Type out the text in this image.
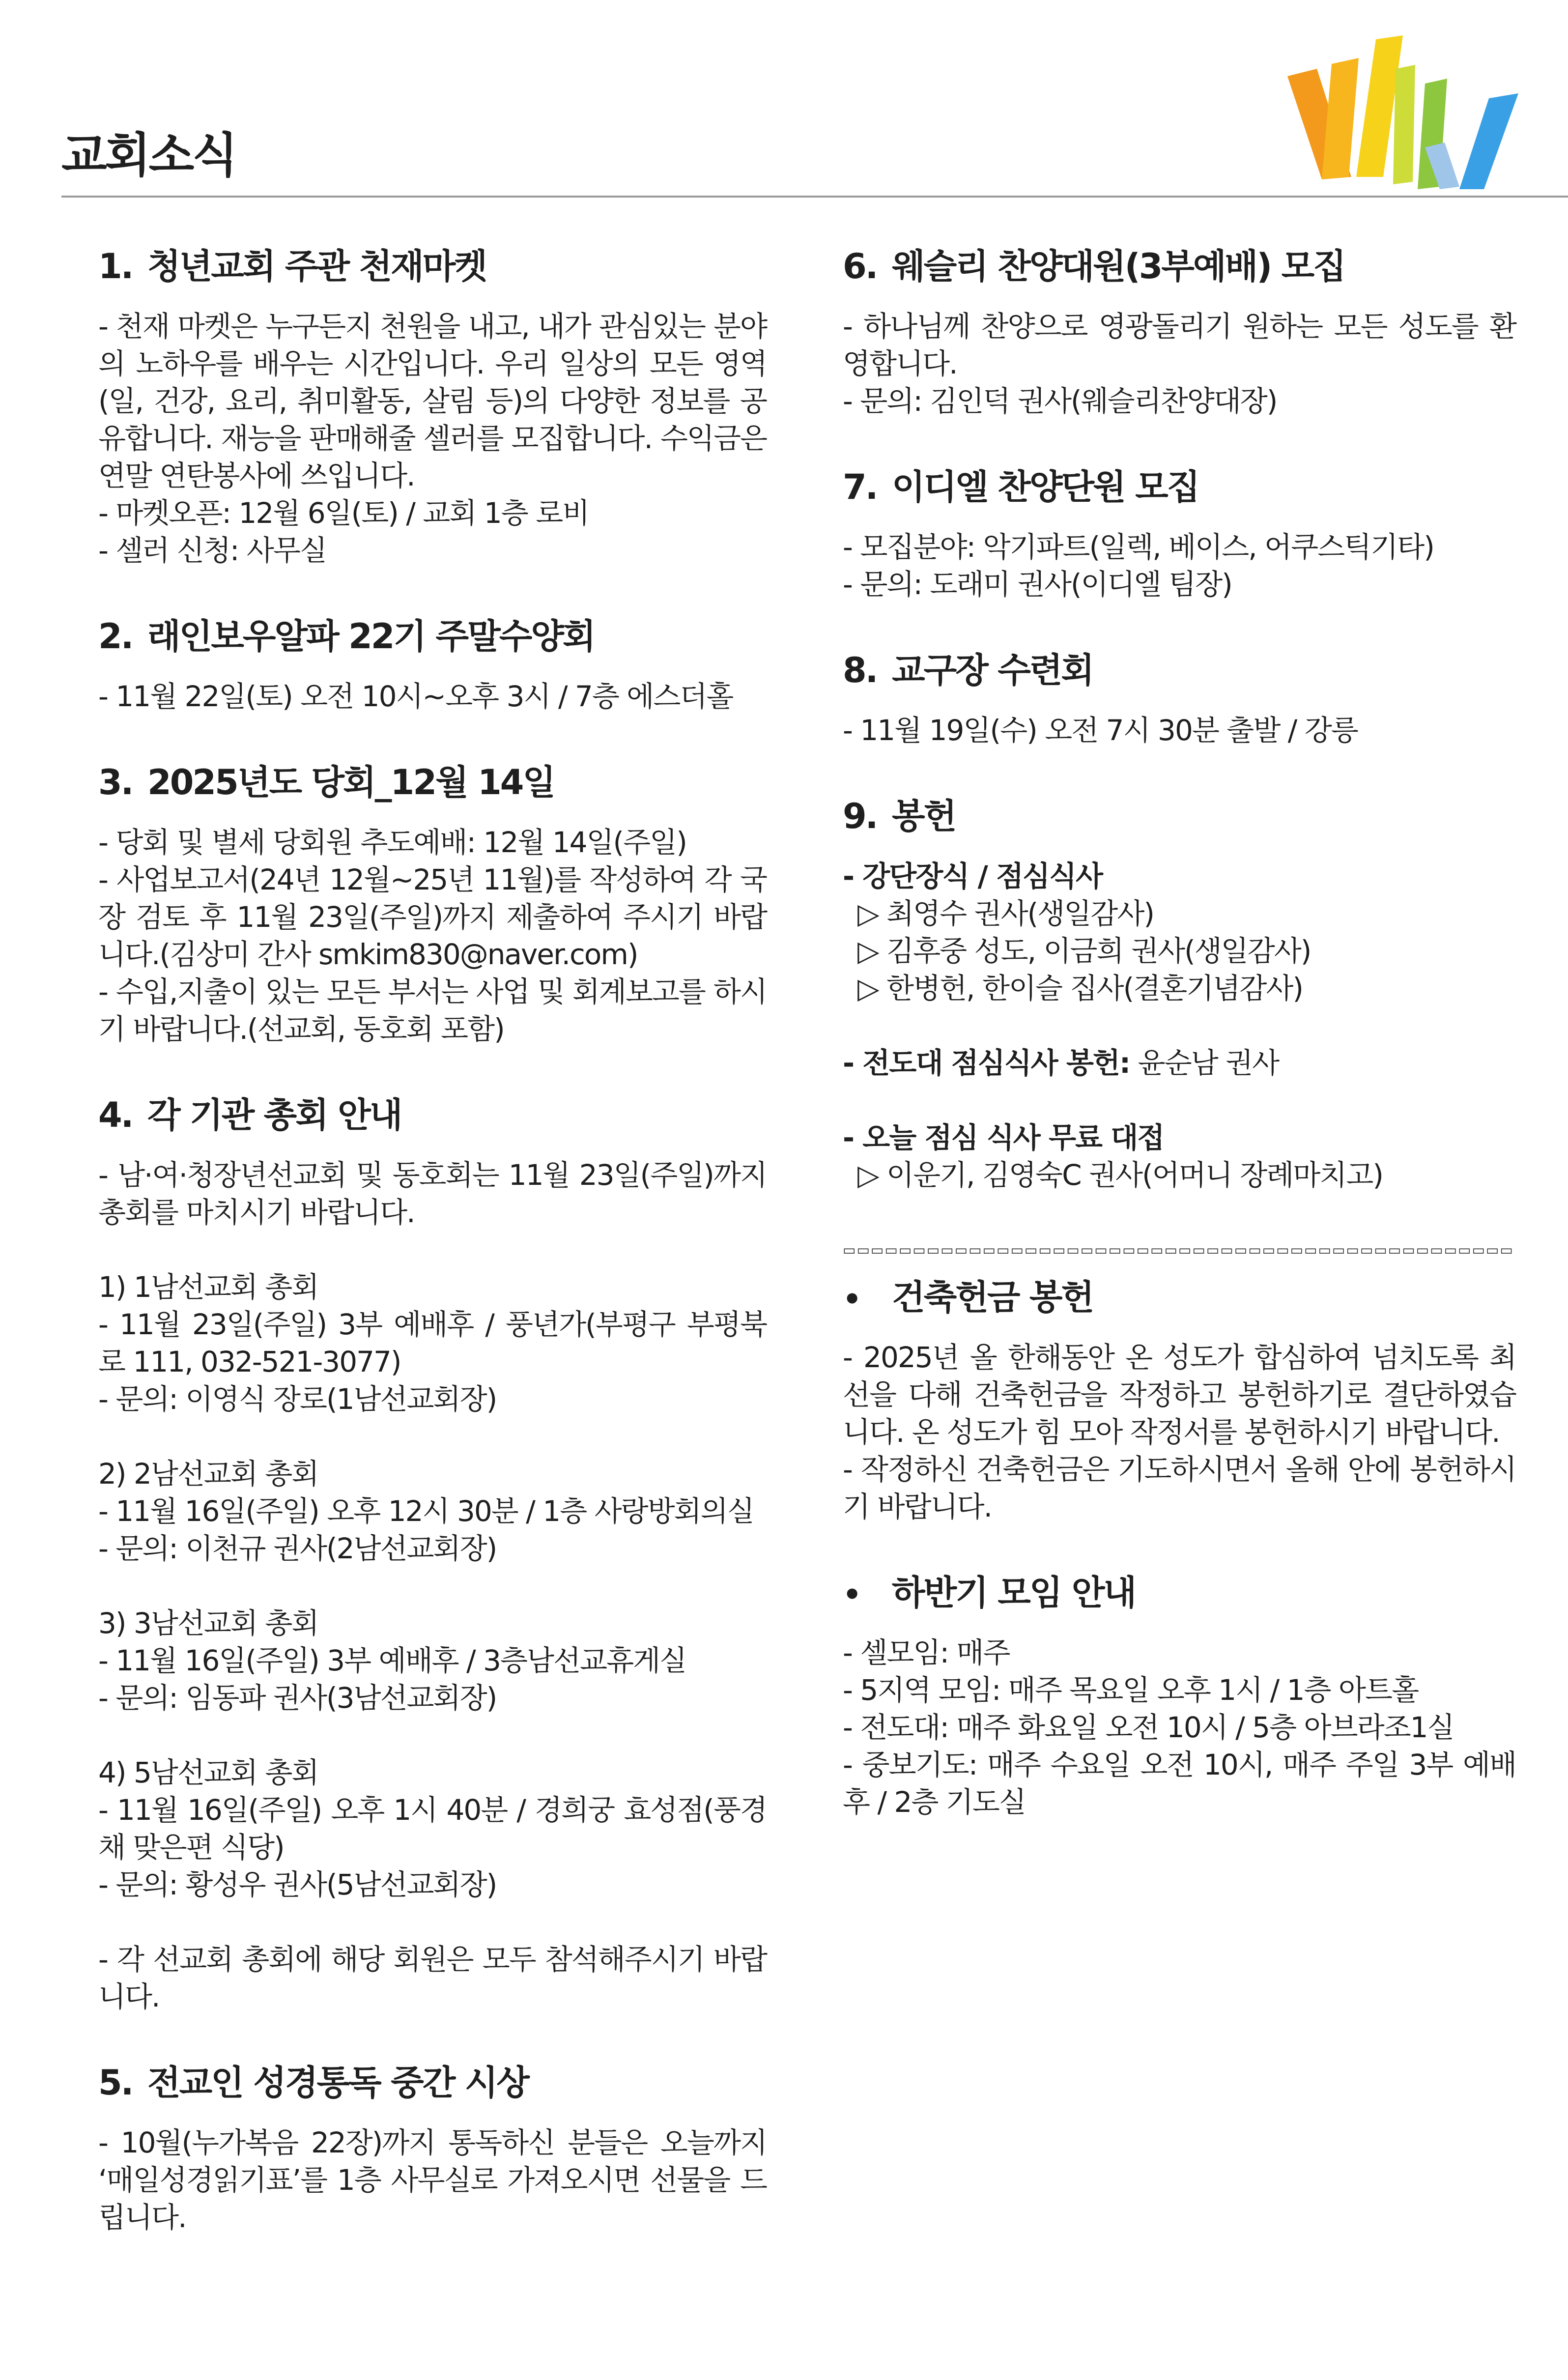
교회소식
1. 청년교회 주관 천재마켓

- 천재 마켓은 누구든지 천원을 내고, 내가 관심있는 분야의 노하우를 배우는 시간입니다. 우리 일상의 모든 영역(일, 건강, 요리, 취미활동, 살림 등)의 다양한 정보를 공유합니다. 재능을 판매해줄 셀러를 모집합니다. 수익금은 연말 연탄봉사에 쓰입니다.

- 마켓오픈: 12월 6일(토) / 교회 1층 로비

- 셀러 신청: 사무실

2. 래인보우알파 22기 주말수양회

- 11월 22일(토) 오전 10시~오후 3시 / 7층 에스더홀

3. 2025년도 당회_12월 14일

- 당회 및 별세 당회원 추도예배: 12월 14일(주일)

- 사업보고서(24년 12월~25년 11월)를 작성하여 각 국장 검토 후 11월 23일(주일)까지 제출하여 주시기 바랍니다.(김상미 간사 smkim830@naver.com)

- 수입,지출이 있는 모든 부서는 사업 및 회계보고를 하시기 바랍니다.(선교회, 동호회 포함)

4. 각 기관 총회 안내

- 남·여·청장년선교회 및 동호회는 11월 23일(주일)까지 총회를 마치시기 바랍니다.

1) 1남선교회 총회

- 11월 23일(주일) 3부 예배후 / 풍년가(부평구 부평북로 111, 032-521-3077)

- 문의: 이영식 장로(1남선교회장)

2) 2남선교회 총회

- 11월 16일(주일) 오후 12시 30분 / 1층 사랑방회의실

- 문의: 이천규 권사(2남선교회장)

3) 3남선교회 총회

- 11월 16일(주일) 3부 예배후 / 3층남선교휴게실

- 문의: 임동파 권사(3남선교회장)

4) 5남선교회 총회

- 11월 16일(주일) 오후 1시 40분 / 경희궁 효성점(풍경채 맞은편 식당)

- 문의: 황성우 권사(5남선교회장)

- 각 선교회 총회에 해당 회원은 모두 참석해주시기 바랍니다.

5. 전교인 성경통독 중간 시상

- 10월(누가복음 22장)까지 통독하신 분들은 오늘까지 ‘매일성경읽기표’를 1층 사무실로 가져오시면 선물을 드립니다.

6. 웨슬리 찬양대원(3부예배) 모집

- 하나님께 찬양으로 영광돌리기 원하는 모든 성도를 환영합니다.

- 문의: 김인덕 권사(웨슬리찬양대장)

7. 이디엘 찬양단원 모집

- 모집분야: 악기파트(일렉, 베이스, 어쿠스틱기타)

- 문의: 도래미 권사(이디엘 팀장)

8. 교구장 수련회

- 11월 19일(수) 오전 7시 30분 출발 / 강릉

9. 봉헌

- 강단장식 / 점심식사

▷ 최영수 권사(생일감사)

▷ 김후중 성도, 이금희 권사(생일감사)

▷ 한병헌, 한이슬 집사(결혼기념감사)

- 전도대 점심식사 봉헌: 윤순남 권사

- 오늘 점심 식사 무료 대접

▷ 이운기, 김영숙C 권사(어머니 장례마치고)

▭▭▭▭▭▭▭▭▭▭▭▭▭▭▭▭▭▭▭▭▭▭▭▭▭▭▭▭▭▭▭▭▭▭▭▭▭▭▭▭▭▭▭▭▭▭▭▭
• 건축헌금 봉헌

- 2025년 올 한해동안 온 성도가 합심하여 넘치도록 최선을 다해 건축헌금을 작정하고 봉헌하기로 결단하였습니다. 온 성도가 힘 모아 작정서를 봉헌하시기 바랍니다.

- 작정하신 건축헌금은 기도하시면서 올해 안에 봉헌하시기 바랍니다.

• 하반기 모임 안내

- 셀모임: 매주

- 5지역 모임: 매주 목요일 오후 1시 / 1층 아트홀

- 전도대: 매주 화요일 오전 10시 / 5층 아브라조1실

- 중보기도: 매주 수요일 오전 10시, 매주 주일 3부 예배 후 / 2층 기도실
